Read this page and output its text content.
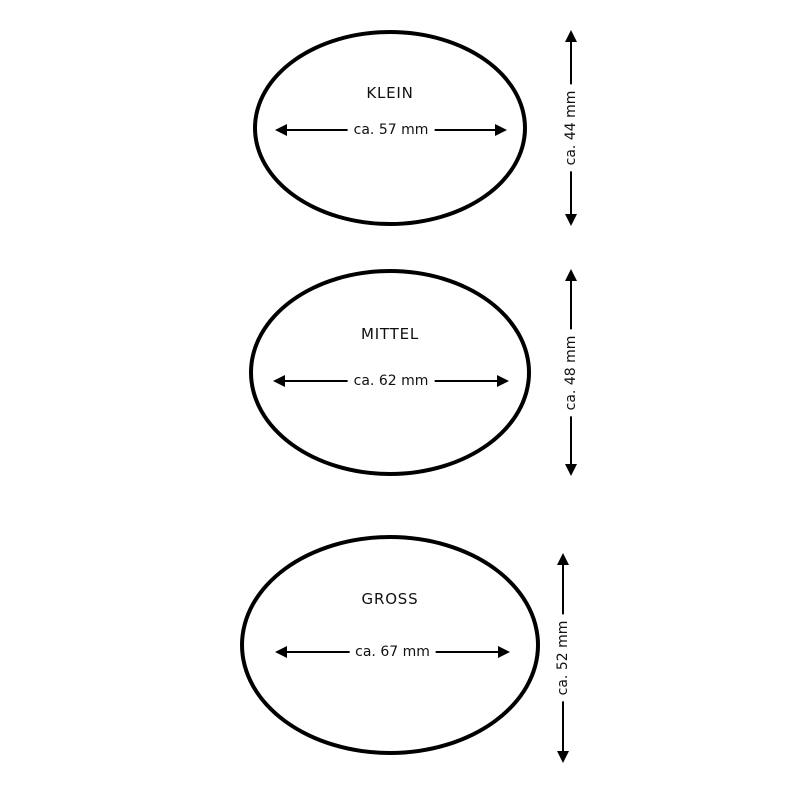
KLEIN
ca. 57 mm	ca. 44 mm
MITTEL
ca. 62 mm	ca. 48 mm
GROSS
ca. 67 mm	ca. 52 mm
